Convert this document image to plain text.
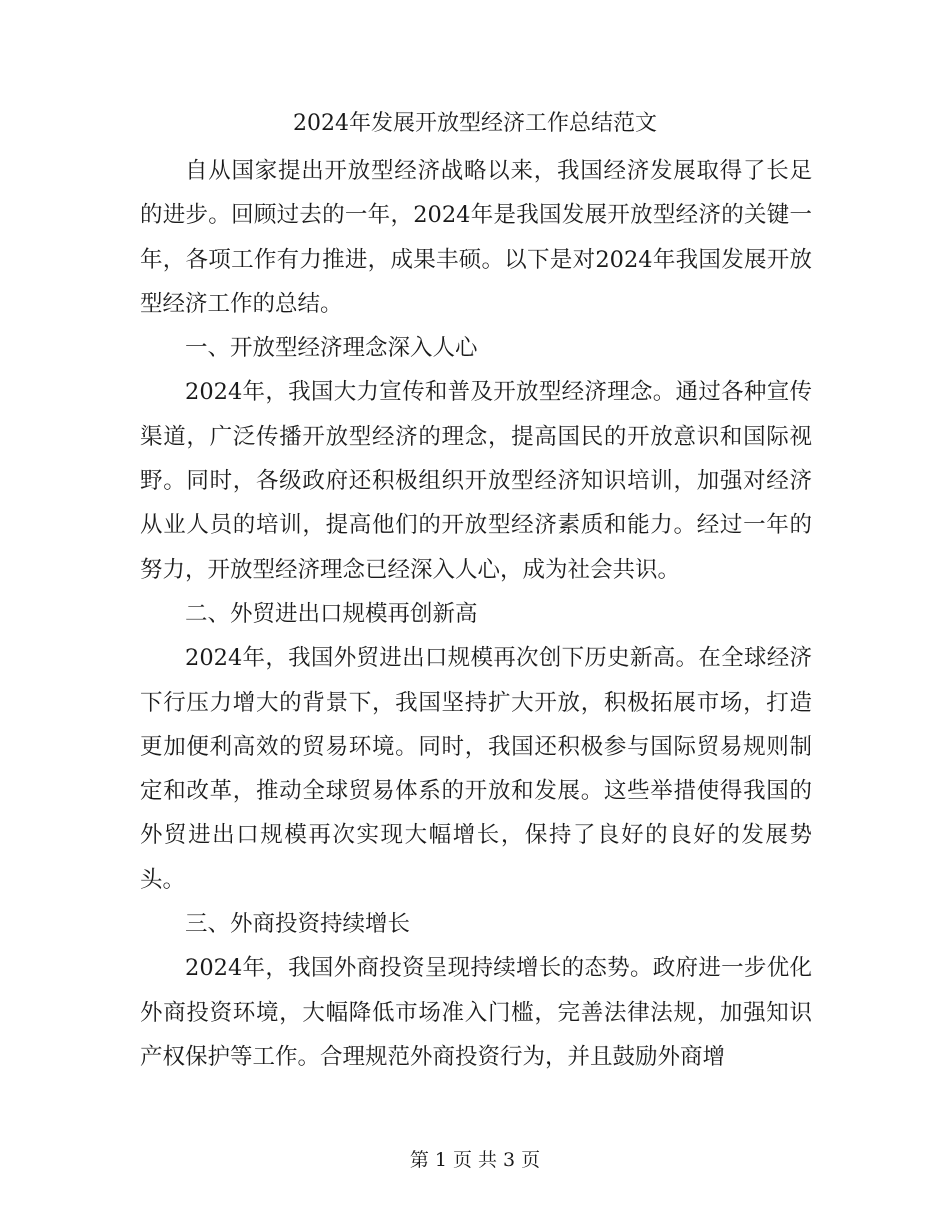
2024年发展开放型经济工作总结范文

自从国家提出开放型经济战略以来，我国经济发展取得了长足的进步。回顾过去的一年，2024年是我国发展开放型经济的关键一年，各项工作有力推进，成果丰硕。以下是对2024年我国发展开放型经济工作的总结。

一、开放型经济理念深入人心

2024年，我国大力宣传和普及开放型经济理念。通过各种宣传渠道，广泛传播开放型经济的理念，提高国民的开放意识和国际视野。同时，各级政府还积极组织开放型经济知识培训，加强对经济从业人员的培训，提高他们的开放型经济素质和能力。经过一年的努力，开放型经济理念已经深入人心，成为社会共识。

二、外贸进出口规模再创新高

2024年，我国外贸进出口规模再次创下历史新高。在全球经济下行压力增大的背景下，我国坚持扩大开放，积极拓展市场，打造更加便利高效的贸易环境。同时，我国还积极参与国际贸易规则制定和改革，推动全球贸易体系的开放和发展。这些举措使得我国的外贸进出口规模再次实现大幅增长，保持了良好的良好的发展势头。

三、外商投资持续增长

2024年，我国外商投资呈现持续增长的态势。政府进一步优化外商投资环境，大幅降低市场准入门槛，完善法律法规，加强知识产权保护等工作。合理规范外商投资行为，并且鼓励外商增

第 1 页 共 3 页
